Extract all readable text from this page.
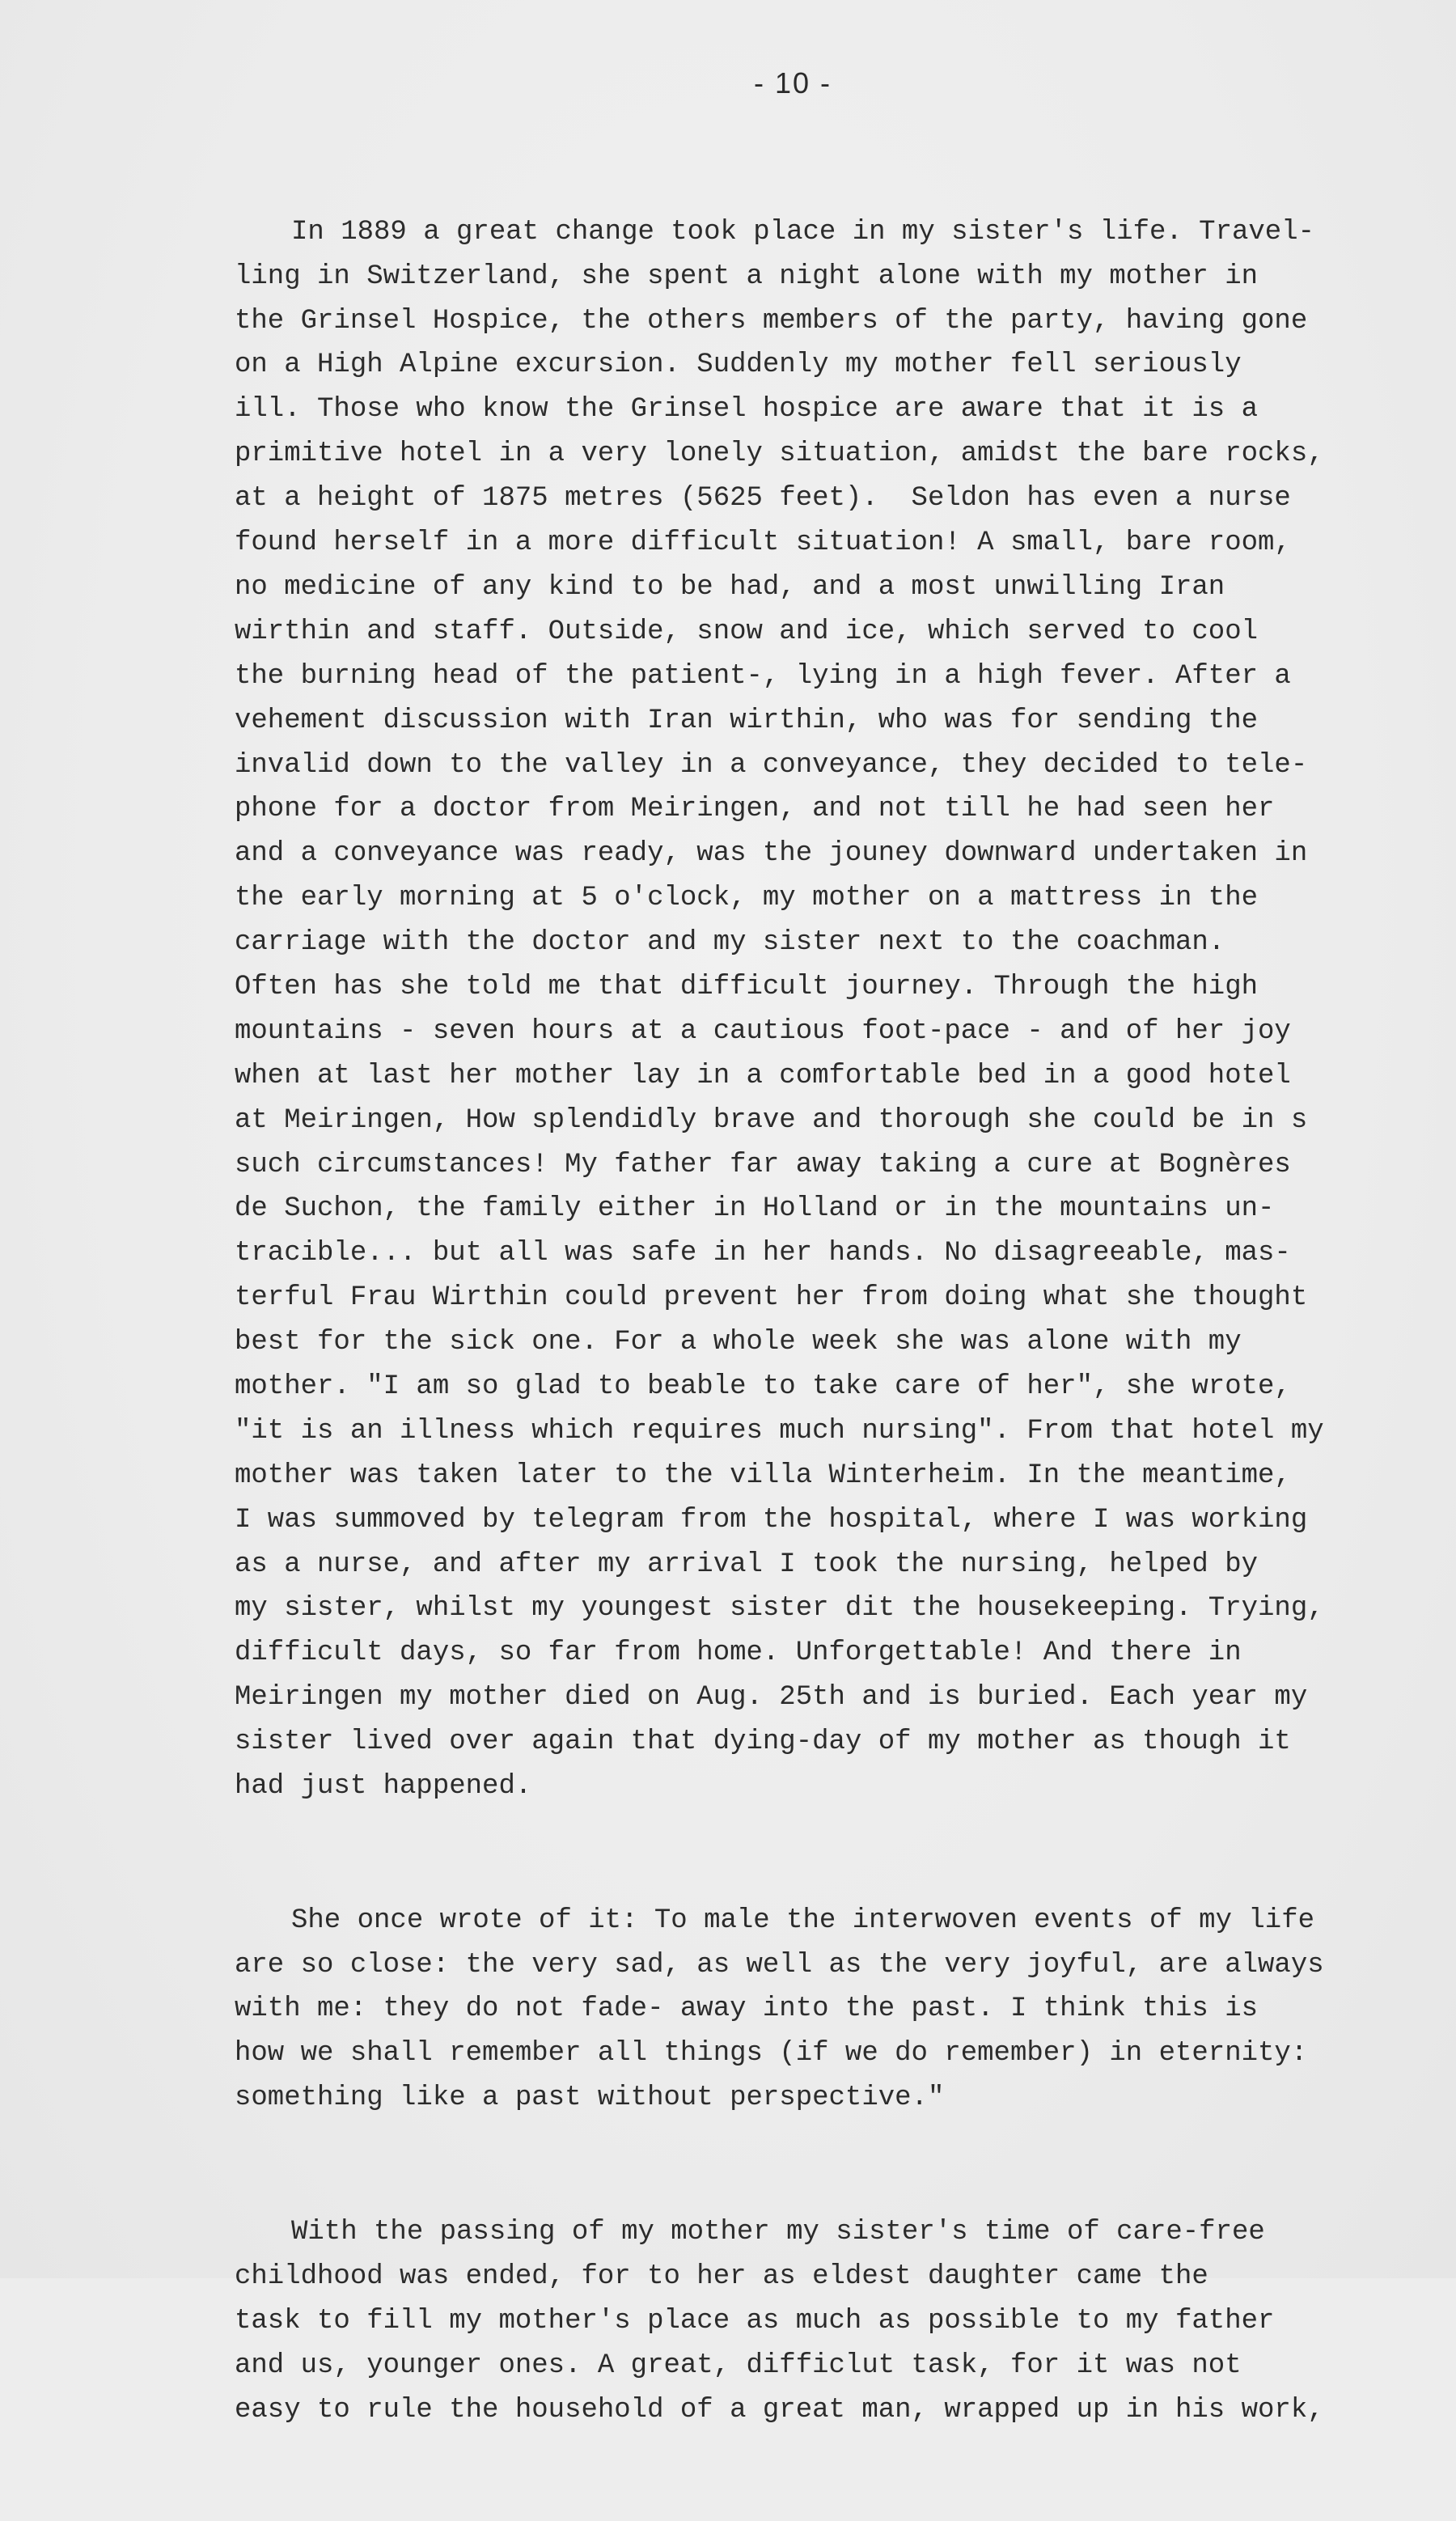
- 10 -

In 1889 a great change took place in my sister's life. Travel-
ling in Switzerland, she spent a night alone with my mother in
the Grinsel Hospice, the others members of the party, having gone
on a High Alpine excursion. Suddenly my mother fell seriously
ill. Those who know the Grinsel hospice are aware that it is a
primitive hotel in a very lonely situation, amidst the bare rocks,
at a height of 1875 metres (5625 feet).  Seldon has even a nurse
found herself in a more difficult situation! A small, bare room,
no medicine of any kind to be had, and a most unwilling Iran
wirthin and staff. Outside, snow and ice, which served to cool
the burning head of the patient-, lying in a high fever. After a
vehement discussion with Iran wirthin, who was for sending the
invalid down to the valley in a conveyance, they decided to tele-
phone for a doctor from Meiringen, and not till he had seen her
and a conveyance was ready, was the jouney downward undertaken in
the early morning at 5 o'clock, my mother on a mattress in the
carriage with the doctor and my sister next to the coachman.
Often has she told me that difficult journey. Through the high
mountains - seven hours at a cautious foot-pace - and of her joy
when at last her mother lay in a comfortable bed in a good hotel
at Meiringen, How splendidly brave and thorough she could be in s
such circumstances! My father far away taking a cure at Bognères
de Suchon, the family either in Holland or in the mountains un-
tracible... but all was safe in her hands. No disagreeable, mas-
terful Frau Wirthin could prevent her from doing what she thought
best for the sick one. For a whole week she was alone with my
mother. "I am so glad to beable to take care of her", she wrote,
"it is an illness which requires much nursing". From that hotel my
mother was taken later to the villa Winterheim. In the meantime,
I was summoved by telegram from the hospital, where I was working
as a nurse, and after my arrival I took the nursing, helped by
my sister, whilst my youngest sister dit the housekeeping. Trying,
difficult days, so far from home. Unforgettable! And there in
Meiringen my mother died on Aug. 25th and is buried. Each year my
sister lived over again that dying-day of my mother as though it
had just happened.

She once wrote of it: To male the interwoven events of my life
are so close: the very sad, as well as the very joyful, are always
with me: they do not fade- away into the past. I think this is
how we shall remember all things (if we do remember) in eternity:
something like a past without perspective."

With the passing of my mother my sister's time of care-free
childhood was ended, for to her as eldest daughter came the
task to fill my mother's place as much as possible to my father
and us, younger ones. A great, difficlut task, for it was not
easy to rule the household of a great man, wrapped up in his work,
